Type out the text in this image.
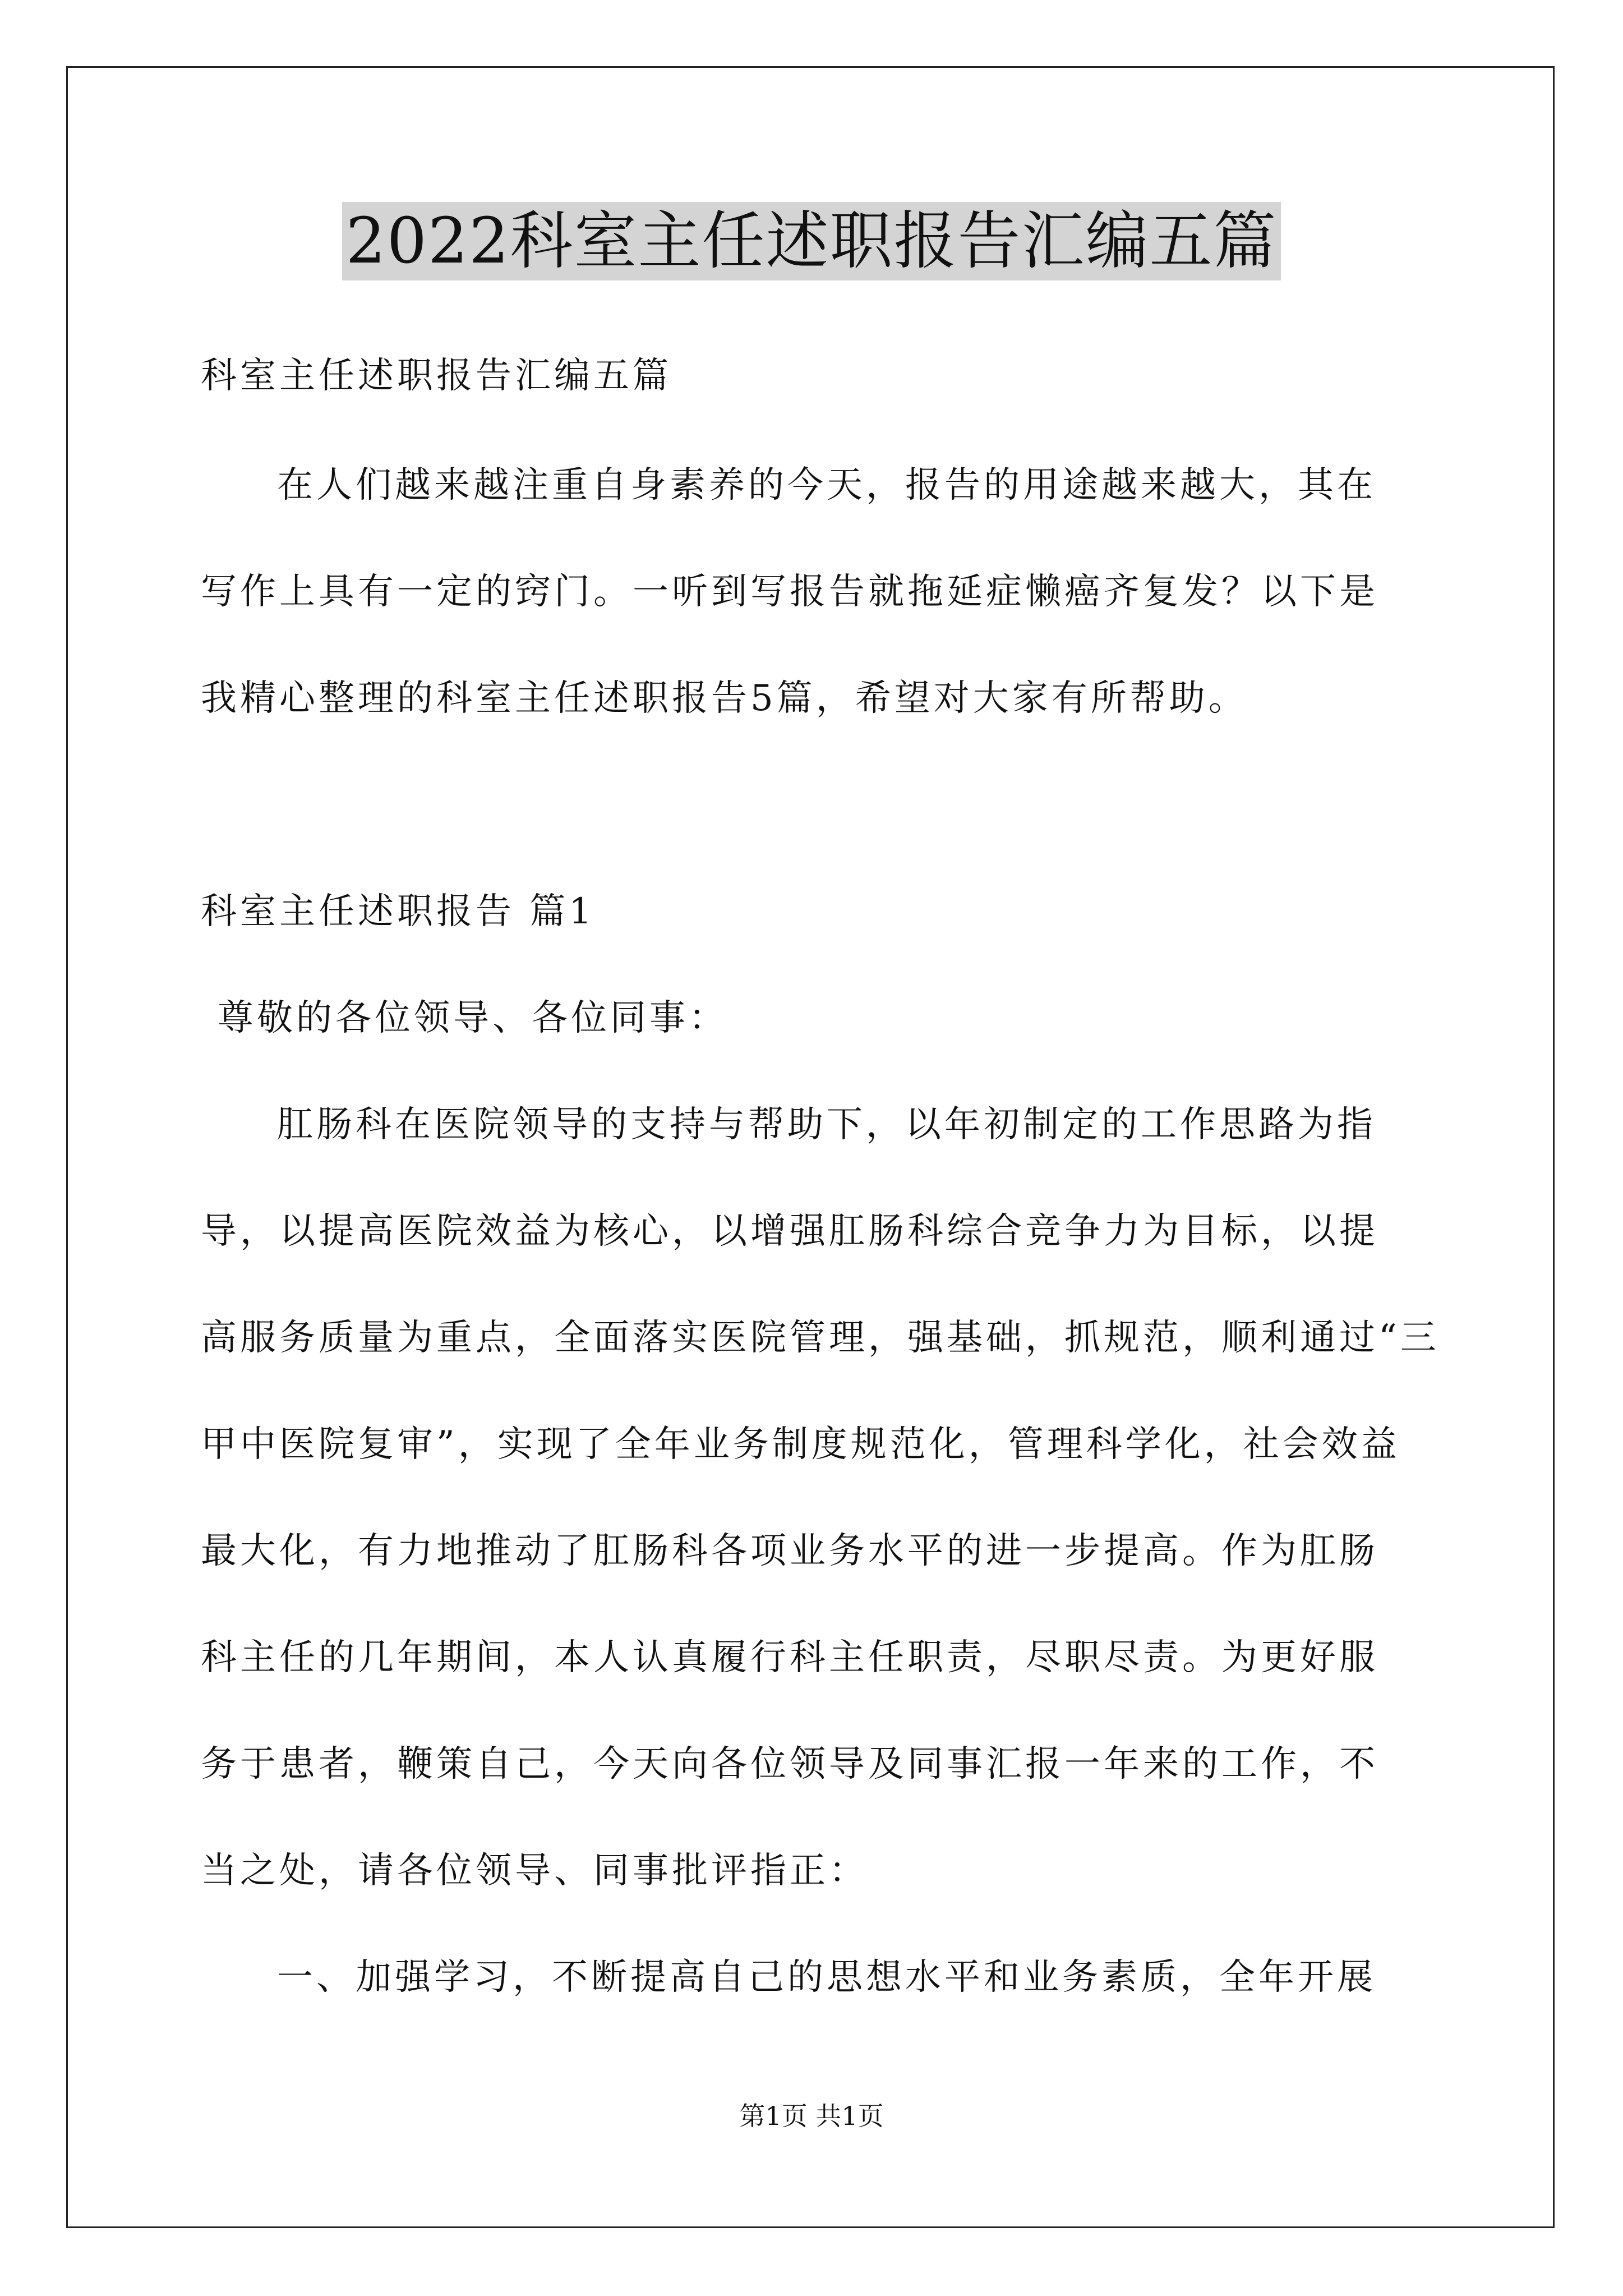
2022科室主任述职报告汇编五篇
科室主任述职报告汇编五篇
在人们越来越注重自身素养的今天，报告的用途越来越大，其在
写作上具有一定的窍门。一听到写报告就拖延症懒癌齐复发？以下是
我精心整理的科室主任述职报告5篇，希望对大家有所帮助。
科室主任述职报告 篇1
尊敬的各位领导、各位同事：
肛肠科在医院领导的支持与帮助下，以年初制定的工作思路为指
导，以提高医院效益为核心，以增强肛肠科综合竞争力为目标，以提
高服务质量为重点，全面落实医院管理，强基础，抓规范，顺利通过“三
甲中医院复审”，实现了全年业务制度规范化，管理科学化，社会效益
最大化，有力地推动了肛肠科各项业务水平的进一步提高。作为肛肠
科主任的几年期间，本人认真履行科主任职责，尽职尽责。为更好服
务于患者，鞭策自己，今天向各位领导及同事汇报一年来的工作，不
当之处，请各位领导、同事批评指正：
一、加强学习，不断提高自己的思想水平和业务素质，全年开展
第1页 共1页
